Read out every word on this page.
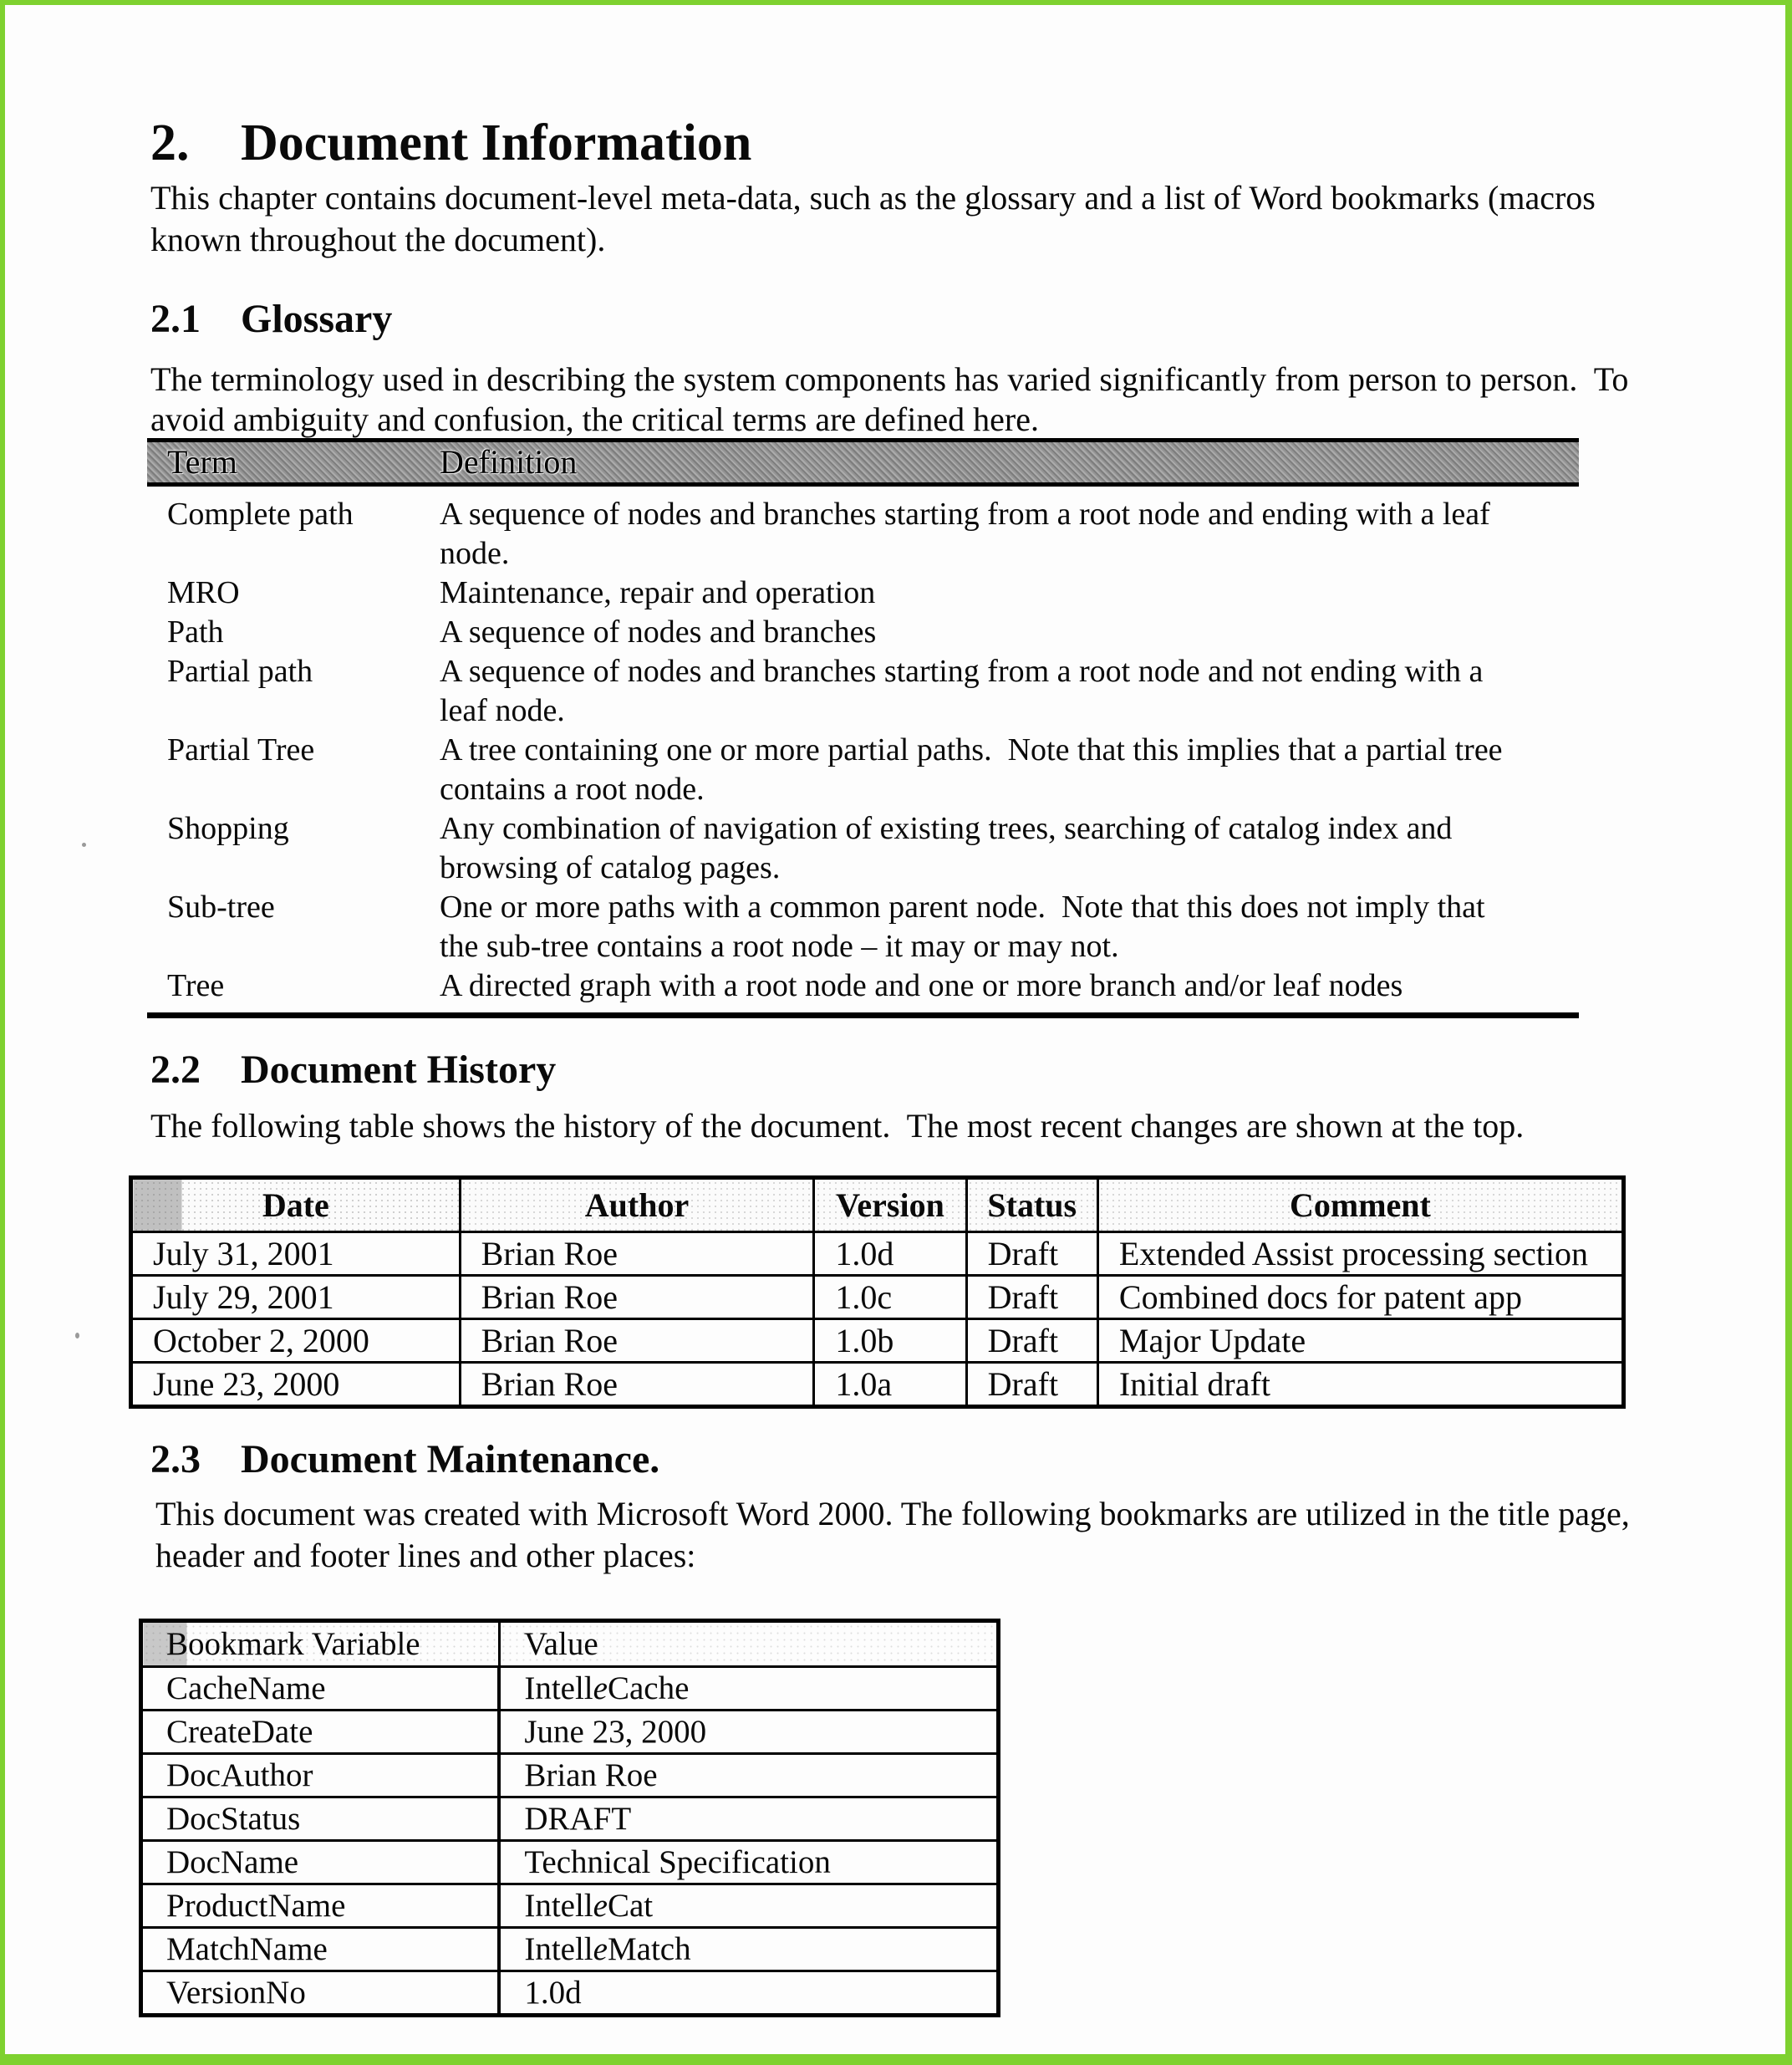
2. Document Information
This chapter contains document-level meta-data, such as the glossary and a list of Word bookmarks (macros known throughout the document).
2.1 Glossary
The terminology used in describing the system components has varied significantly from person to person.  To avoid ambiguity and confusion, the critical terms are defined here.
Term	Definition
Complete path	A sequence of nodes and branches starting from a root node and ending with a leaf node.
MRO	Maintenance, repair and operation
Path	A sequence of nodes and branches
Partial path	A sequence of nodes and branches starting from a root node and not ending with a leaf node.
Partial Tree	A tree containing one or more partial paths.  Note that this implies that a partial tree contains a root node.
Shopping	Any combination of navigation of existing trees, searching of catalog index and browsing of catalog pages.
Sub-tree	One or more paths with a common parent node.  Note that this does not imply that the sub-tree contains a root node – it may or may not.
Tree	A directed graph with a root node and one or more branch and/or leaf nodes
2.2 Document History
The following table shows the history of the document.  The most recent changes are shown at the top.
Date	Author	Version	Status	Comment
July 31, 2001	Brian Roe	1.0d	Draft	Extended Assist processing section
July 29, 2001	Brian Roe	1.0c	Draft	Combined docs for patent app
October 2, 2000	Brian Roe	1.0b	Draft	Major Update
June 23, 2000	Brian Roe	1.0a	Draft	Initial draft
2.3 Document Maintenance.
This document was created with Microsoft Word 2000. The following bookmarks are utilized in the title page, header and footer lines and other places:
Bookmark Variable	Value
CacheName	IntelleCache
CreateDate	June 23, 2000
DocAuthor	Brian Roe
DocStatus	DRAFT
DocName	Technical Specification
ProductName	IntelleCat
MatchName	IntelleMatch
VersionNo	1.0d
